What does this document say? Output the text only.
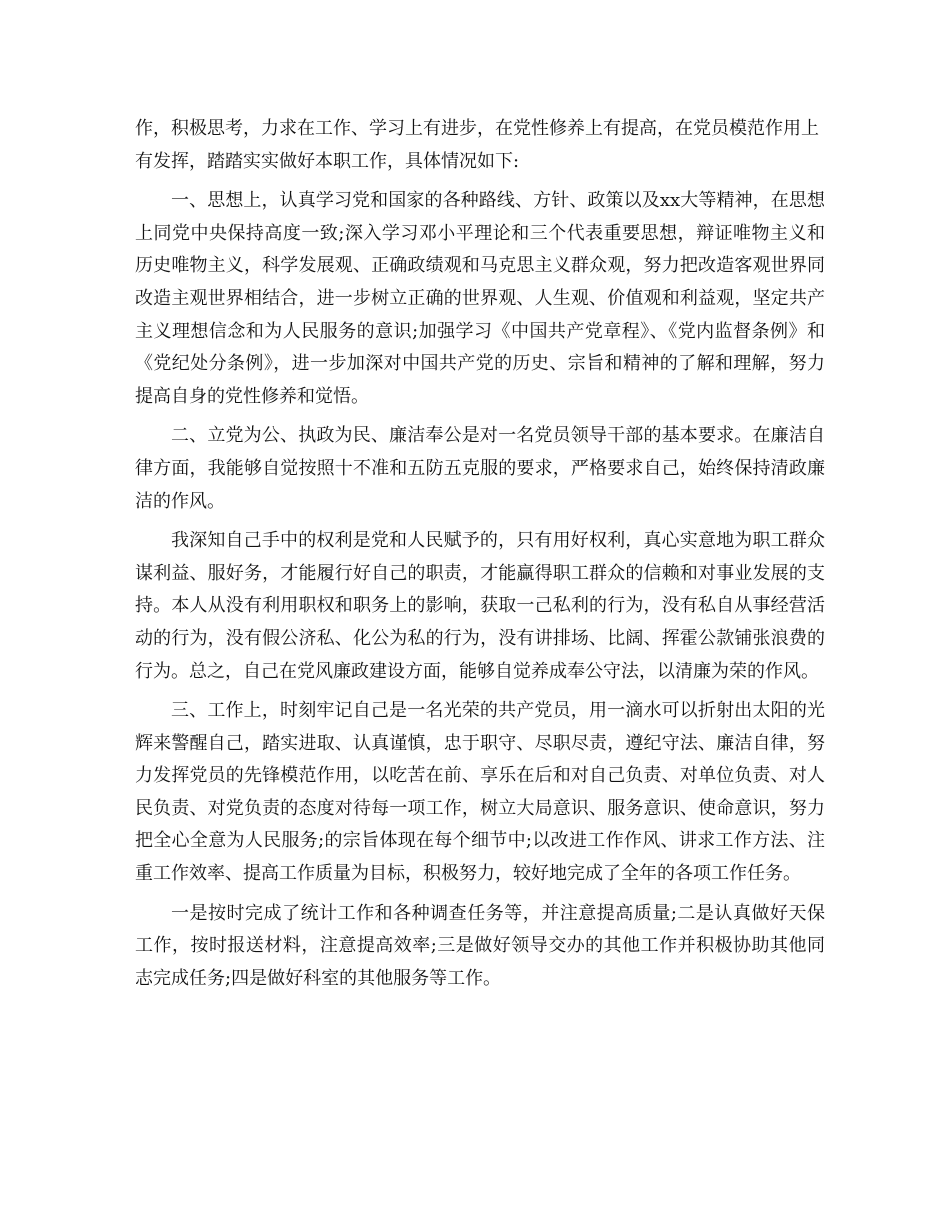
作，积极思考，力求在工作、学习上有进步，在党性修养上有提高，在党员模范作用上有发挥，踏踏实实做好本职工作，具体情况如下:

一、思想上，认真学习党和国家的各种路线、方针、政策以及xx大等精神，在思想上同党中央保持高度一致;深入学习邓小平理论和三个代表重要思想，辩证唯物主义和历史唯物主义，科学发展观、正确政绩观和马克思主义群众观，努力把改造客观世界同改造主观世界相结合，进一步树立正确的世界观、人生观、价值观和利益观，坚定共产主义理想信念和为人民服务的意识;加强学习《中国共产党章程》、《党内监督条例》和《党纪处分条例》，进一步加深对中国共产党的历史、宗旨和精神的了解和理解，努力提高自身的党性修养和觉悟。

二、立党为公、执政为民、廉洁奉公是对一名党员领导干部的基本要求。在廉洁自律方面，我能够自觉按照十不准和五防五克服的要求，严格要求自己，始终保持清政廉洁的作风。

我深知自己手中的权利是党和人民赋予的，只有用好权利，真心实意地为职工群众谋利益、服好务，才能履行好自己的职责，才能赢得职工群众的信赖和对事业发展的支持。本人从没有利用职权和职务上的影响，获取一己私利的行为，没有私自从事经营活动的行为，没有假公济私、化公为私的行为，没有讲排场、比阔、挥霍公款铺张浪费的行为。总之，自己在党风廉政建设方面，能够自觉养成奉公守法，以清廉为荣的作风。

三、工作上，时刻牢记自己是一名光荣的共产党员，用一滴水可以折射出太阳的光辉来警醒自己，踏实进取、认真谨慎，忠于职守、尽职尽责，遵纪守法、廉洁自律，努力发挥党员的先锋模范作用，以吃苦在前、享乐在后和对自己负责、对单位负责、对人民负责、对党负责的态度对待每一项工作，树立大局意识、服务意识、使命意识，努力把全心全意为人民服务;的宗旨体现在每个细节中;以改进工作作风、讲求工作方法、注重工作效率、提高工作质量为目标，积极努力，较好地完成了全年的各项工作任务。

一是按时完成了统计工作和各种调查任务等，并注意提高质量;二是认真做好天保工作，按时报送材料，注意提高效率;三是做好领导交办的其他工作并积极协助其他同志完成任务;四是做好科室的其他服务等工作。
